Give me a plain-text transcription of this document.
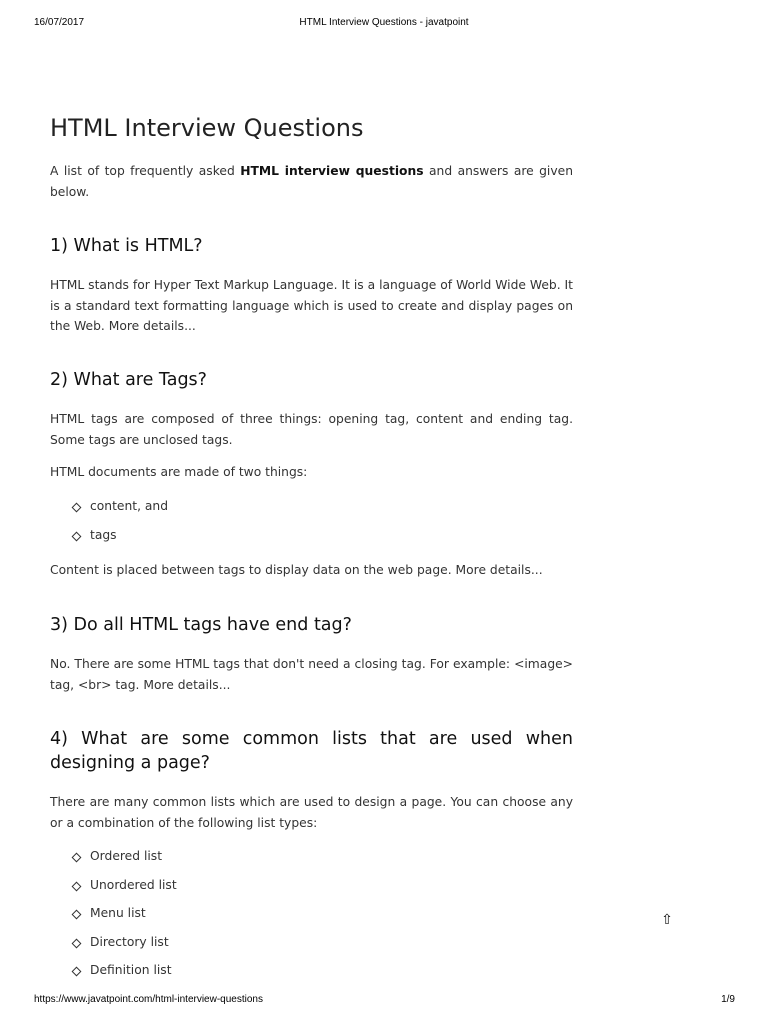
16/07/2017	HTML Interview Questions - javatpoint
HTML Interview Questions

A list of top frequently asked HTML interview questions and answers are given below.

1) What is HTML?

HTML stands for Hyper Text Markup Language. It is a language of World Wide Web. It is a standard text formatting language which is used to create and display pages on the Web. More details...

2) What are Tags?

HTML tags are composed of three things: opening tag, content and ending tag. Some tags are unclosed tags.

HTML documents are made of two things:

content, and
tags

Content is placed between tags to display data on the web page. More details...

3) Do all HTML tags have end tag?

No. There are some HTML tags that don't need a closing tag. For example: <image> tag, <br> tag. More details...

4) What are some common lists that are used when designing a page?

There are many common lists which are used to design a page. You can choose any or a combination of the following list types:

Ordered list
Unordered list
Menu list
Directory list
Definition list
⇧
https://www.javatpoint.com/html-interview-questions	1/9
